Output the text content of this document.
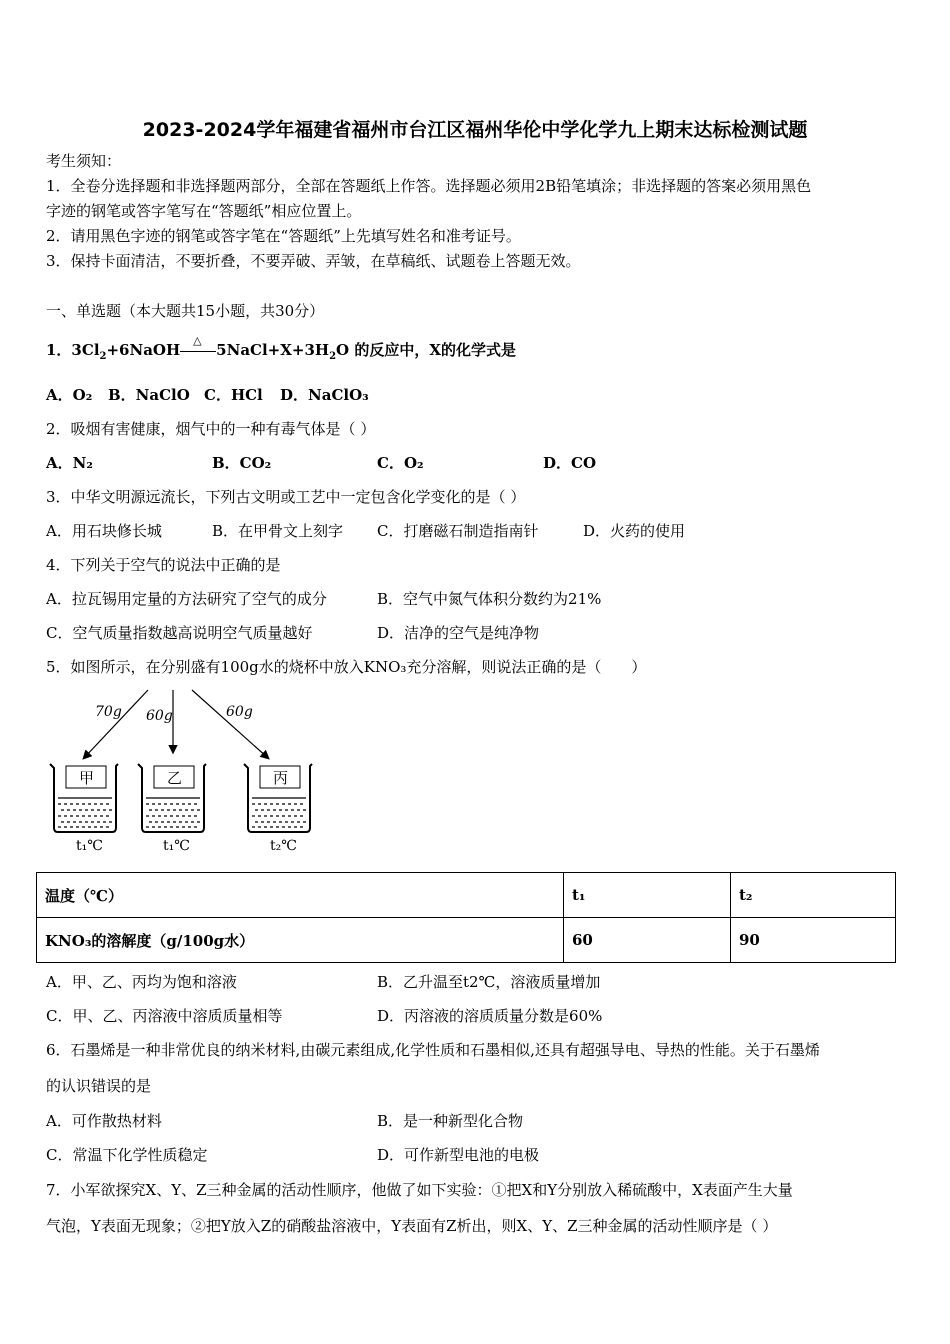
2023-2024学年福建省福州市台江区福州华伦中学化学九上期末达标检测试题
考生须知：
1．全卷分选择题和非选择题两部分，全部在答题纸上作答。选择题必须用2B铅笔填涂；非选择题的答案必须用黑色
字迹的钢笔或答字笔写在“答题纸”相应位置上。
2．请用黑色字迹的钢笔或答字笔在“答题纸”上先填写姓名和准考证号。
3．保持卡面清洁，不要折叠，不要弄破、弄皱，在草稿纸、试题卷上答题无效。
一、单选题（本大题共15小题，共30分）
1．$3Cl_2+6NaOH$
△
$5NaCl+X+3H_2O$ 的反应中，X的化学式是
A．O₂ B．NaClO C．HCl D．NaClO₃
2．吸烟有害健康，烟气中的一种有毒气体是（ ）
A．N₂	B．CO₂	C．O₂	D．CO
3．中华文明源远流长，下列古文明或工艺中一定包含化学变化的是（ ）
A．用石块修长城	B．在甲骨文上刻字 C．打磨磁石制造指南针	D．火药的使用
4．下列关于空气的说法中正确的是
A．拉瓦锡用定量的方法研究了空气的成分	B．空气中氮气体积分数约为21%
C．空气质量指数越高说明空气质量越好	D．洁净的空气是纯净物
5．如图所示，在分别盛有100g水的烧杯中放入KNO₃充分溶解，则说法正确的是（　　）
70g 60g	60g
甲	乙	丙
t₁℃	t₁℃	t₂℃
温度（℃）	t₁	t₂
KNO₃的溶解度（g/100g水）	60	90
A．甲、乙、丙均为饱和溶液	B．乙升温至t2℃，溶液质量增加
C．甲、乙、丙溶液中溶质质量相等	D．丙溶液的溶质质量分数是60%
6．石墨烯是一种非常优良的纳米材料,由碳元素组成,化学性质和石墨相似,还具有超强导电、导热的性能。关于石墨烯
的认识错误的是
A．可作散热材料	B．是一种新型化合物
C．常温下化学性质稳定	D．可作新型电池的电极
7．小军欲探究X、Y、Z三种金属的活动性顺序，他做了如下实验：①把X和Y分别放入稀硫酸中，X表面产生大量
气泡，Y表面无现象；②把Y放入Z的硝酸盐溶液中，Y表面有Z析出，则X、Y、Z三种金属的活动性顺序是（ ）
